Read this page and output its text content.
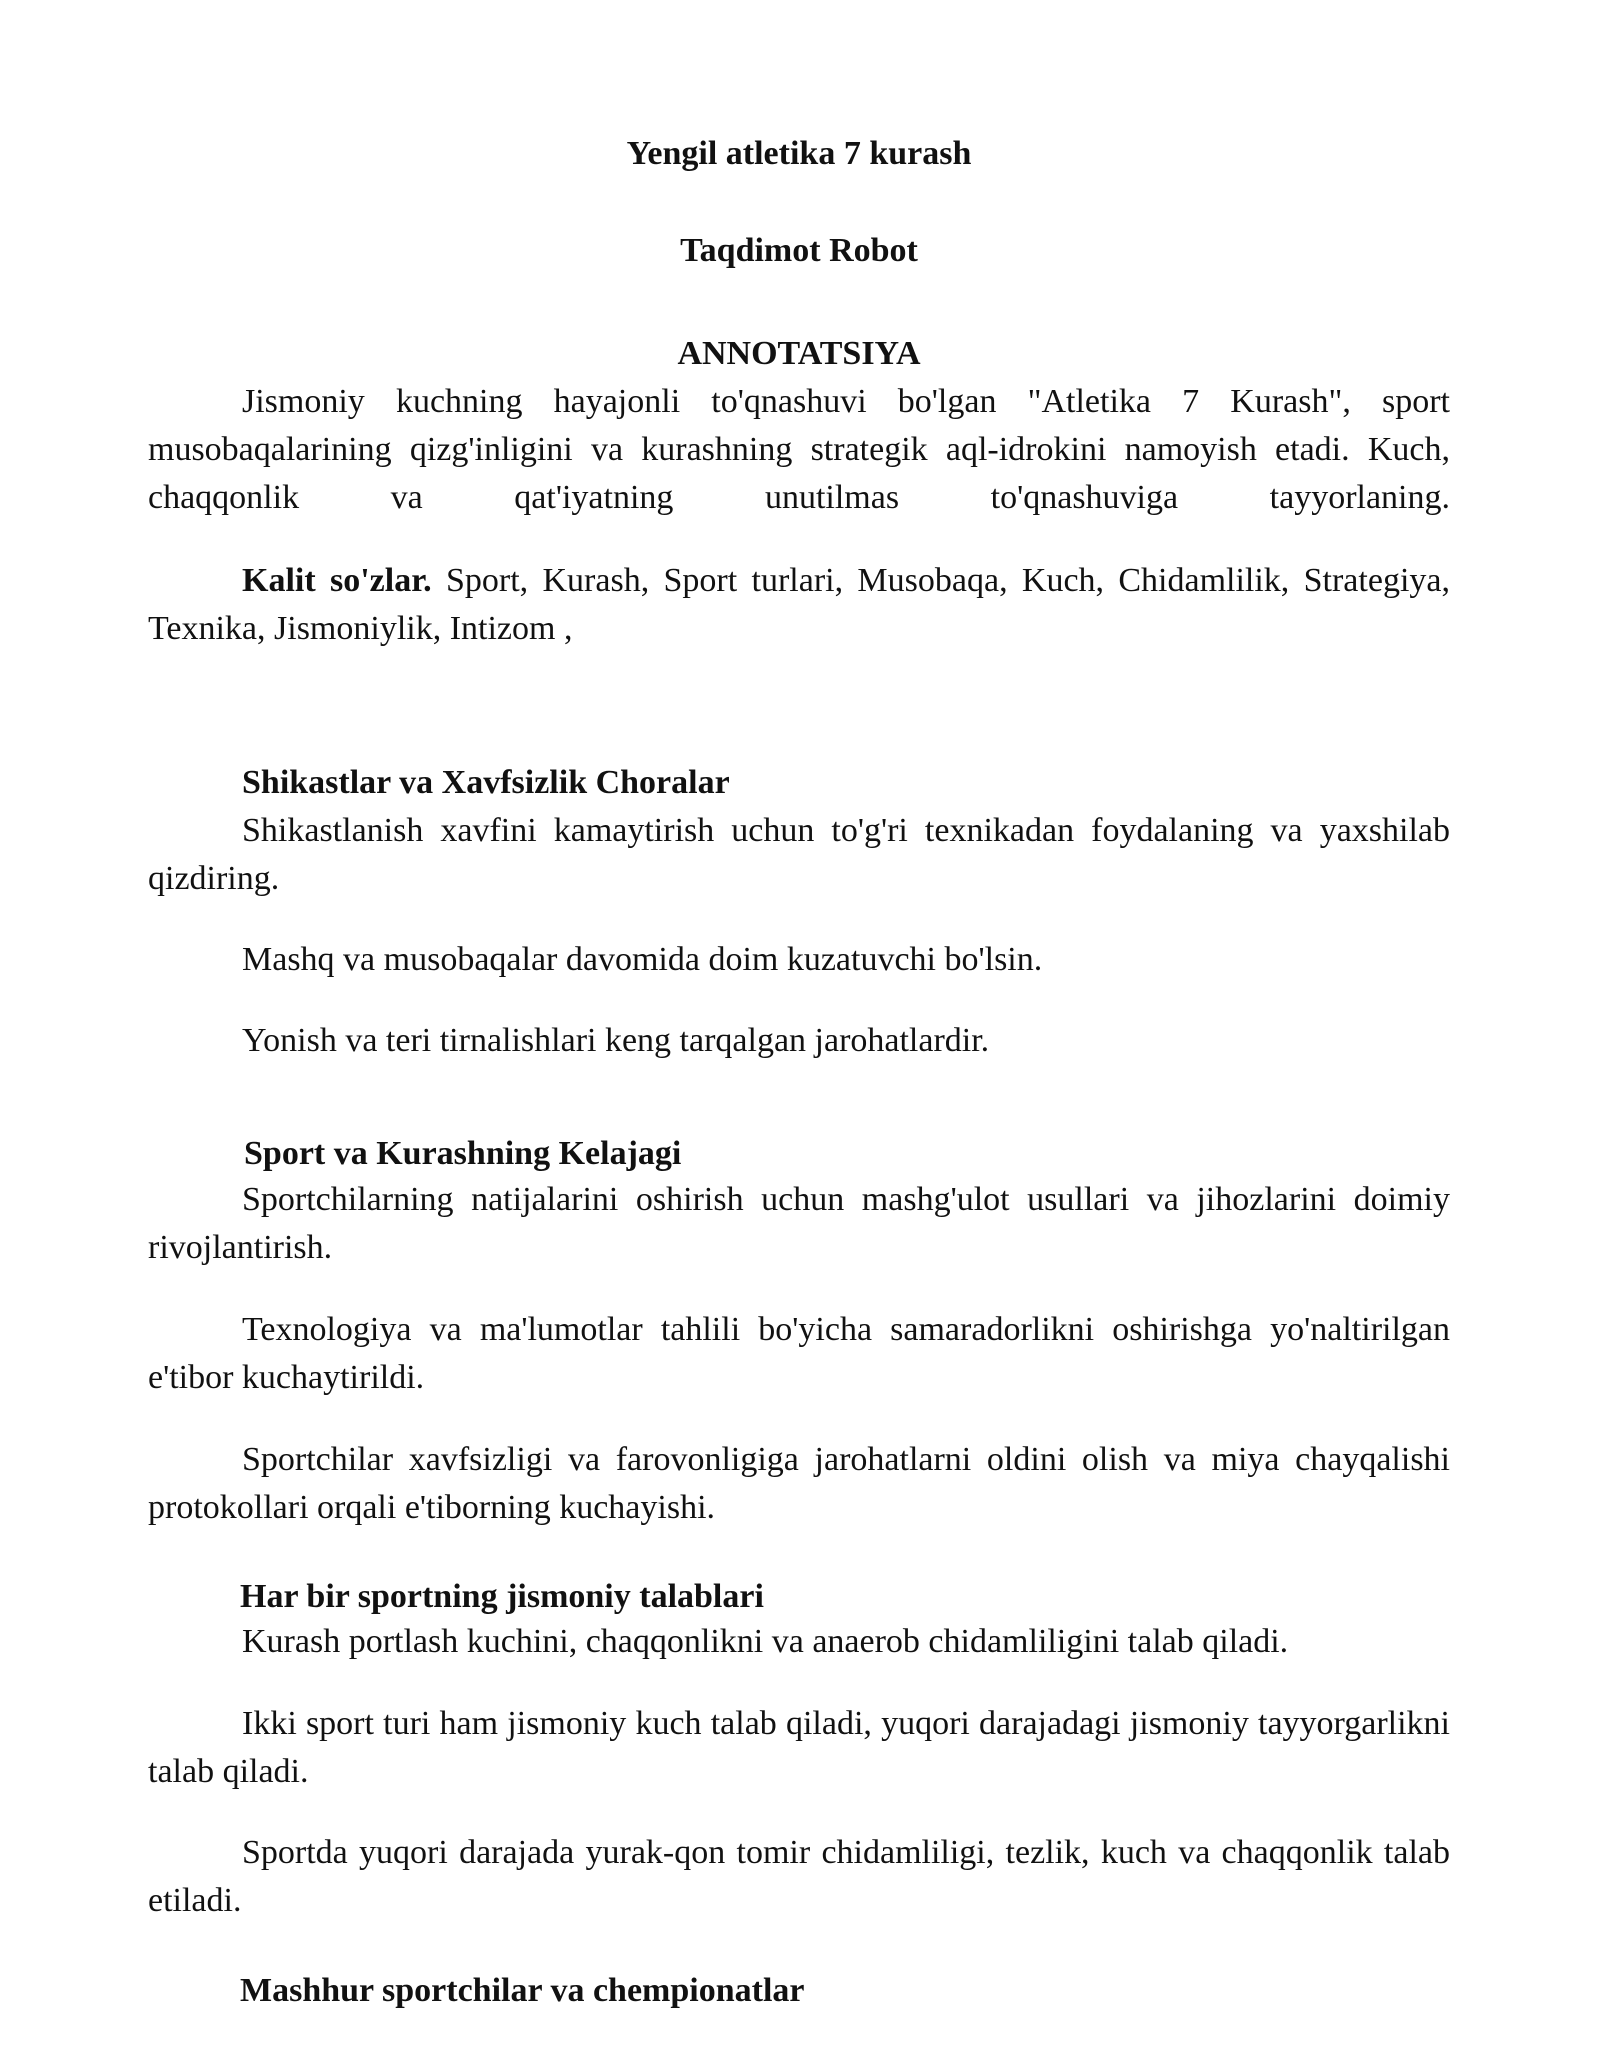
Yengil atletika 7 kurash
Taqdimot Robot
ANNOTATSIYA

Jismoniy kuchning hayajonli to'qnashuvi bo'lgan "Atletika 7 Kurash", sport musobaqalarining qizg'inligini va kurashning strategik aql-idrokini namoyish etadi. Kuch, chaqqonlik va qat'iyatning unutilmas to'qnashuviga tayyorlaning.

Kalit so'zlar. Sport, Kurash, Sport turlari, Musobaqa, Kuch, Chidamlilik, Strategiya, Texnika, Jismoniylik, Intizom ,

Shikastlar va Xavfsizlik Choralar

Shikastlanish xavfini kamaytirish uchun to'g'ri texnikadan foydalaning va yaxshilab qizdiring.

Mashq va musobaqalar davomida doim kuzatuvchi bo'lsin.

Yonish va teri tirnalishlari keng tarqalgan jarohatlardir.

Sport va Kurashning Kelajagi

Sportchilarning natijalarini oshirish uchun mashg'ulot usullari va jihozlarini doimiy rivojlantirish.

Texnologiya va ma'lumotlar tahlili bo'yicha samaradorlikni oshirishga yo'naltirilgan e'tibor kuchaytirildi.

Sportchilar xavfsizligi va farovonligiga jarohatlarni oldini olish va miya chayqalishi protokollari orqali e'tiborning kuchayishi.

Har bir sportning jismoniy talablari

Kurash portlash kuchini, chaqqonlikni va anaerob chidamliligini talab qiladi.

Ikki sport turi ham jismoniy kuch talab qiladi, yuqori darajadagi jismoniy tayyorgarlikni talab qiladi.

Sportda yuqori darajada yurak-qon tomir chidamliligi, tezlik, kuch va chaqqonlik talab etiladi.

Mashhur sportchilar va chempionatlar
